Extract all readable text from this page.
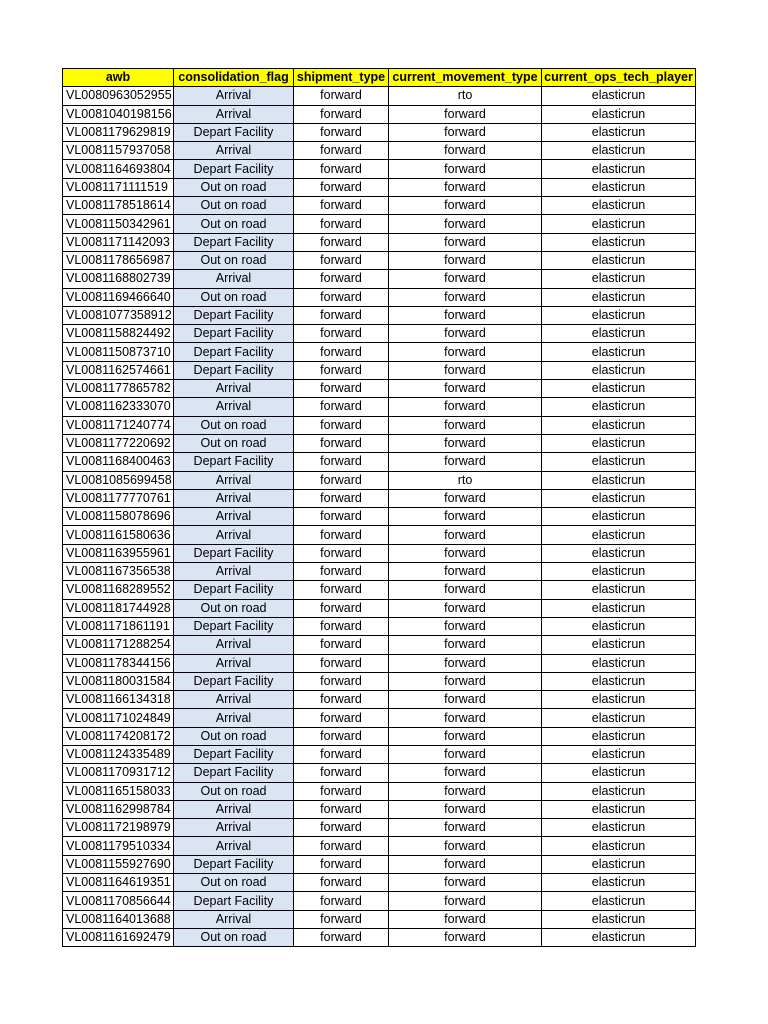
awb	consolidation_flag	shipment_type	current_movement_type	current_ops_tech_player
VL0080963052955	Arrival	forward	rto	elasticrun
VL0081040198156	Arrival	forward	forward	elasticrun
VL0081179629819	Depart Facility	forward	forward	elasticrun
VL0081157937058	Arrival	forward	forward	elasticrun
VL0081164693804	Depart Facility	forward	forward	elasticrun
VL0081171111519	Out on road	forward	forward	elasticrun
VL0081178518614	Out on road	forward	forward	elasticrun
VL0081150342961	Out on road	forward	forward	elasticrun
VL0081171142093	Depart Facility	forward	forward	elasticrun
VL0081178656987	Out on road	forward	forward	elasticrun
VL0081168802739	Arrival	forward	forward	elasticrun
VL0081169466640	Out on road	forward	forward	elasticrun
VL0081077358912	Depart Facility	forward	forward	elasticrun
VL0081158824492	Depart Facility	forward	forward	elasticrun
VL0081150873710	Depart Facility	forward	forward	elasticrun
VL0081162574661	Depart Facility	forward	forward	elasticrun
VL0081177865782	Arrival	forward	forward	elasticrun
VL0081162333070	Arrival	forward	forward	elasticrun
VL0081171240774	Out on road	forward	forward	elasticrun
VL0081177220692	Out on road	forward	forward	elasticrun
VL0081168400463	Depart Facility	forward	forward	elasticrun
VL0081085699458	Arrival	forward	rto	elasticrun
VL0081177770761	Arrival	forward	forward	elasticrun
VL0081158078696	Arrival	forward	forward	elasticrun
VL0081161580636	Arrival	forward	forward	elasticrun
VL0081163955961	Depart Facility	forward	forward	elasticrun
VL0081167356538	Arrival	forward	forward	elasticrun
VL0081168289552	Depart Facility	forward	forward	elasticrun
VL0081181744928	Out on road	forward	forward	elasticrun
VL0081171861191	Depart Facility	forward	forward	elasticrun
VL0081171288254	Arrival	forward	forward	elasticrun
VL0081178344156	Arrival	forward	forward	elasticrun
VL0081180031584	Depart Facility	forward	forward	elasticrun
VL0081166134318	Arrival	forward	forward	elasticrun
VL0081171024849	Arrival	forward	forward	elasticrun
VL0081174208172	Out on road	forward	forward	elasticrun
VL0081124335489	Depart Facility	forward	forward	elasticrun
VL0081170931712	Depart Facility	forward	forward	elasticrun
VL0081165158033	Out on road	forward	forward	elasticrun
VL0081162998784	Arrival	forward	forward	elasticrun
VL0081172198979	Arrival	forward	forward	elasticrun
VL0081179510334	Arrival	forward	forward	elasticrun
VL0081155927690	Depart Facility	forward	forward	elasticrun
VL0081164619351	Out on road	forward	forward	elasticrun
VL0081170856644	Depart Facility	forward	forward	elasticrun
VL0081164013688	Arrival	forward	forward	elasticrun
VL0081161692479	Out on road	forward	forward	elasticrun
